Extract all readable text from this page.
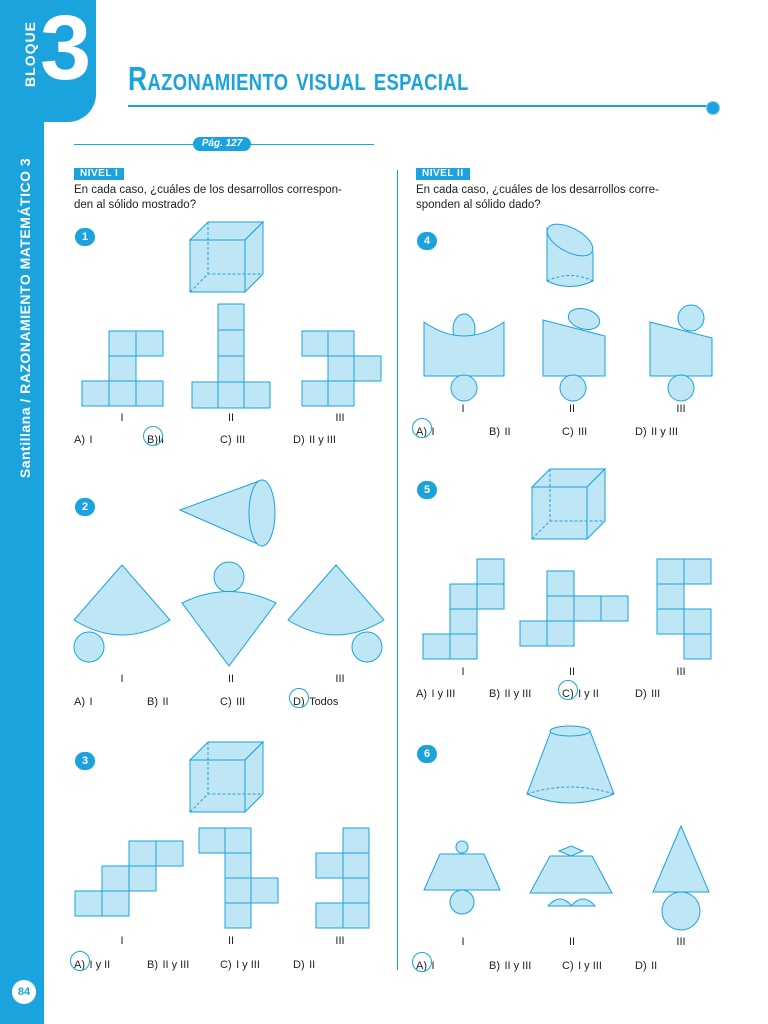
BLOQUE 3
Santillana / RAZONAMIENTO MATEMÁTICO 3
84
Razonamiento visual espacial
Pág. 127
NIVEL I
En cada caso, ¿cuáles de los desarrollos correspon-
den al sólido mostrado?
NIVEL II
En cada caso, ¿cuáles de los desarrollos corre-
sponden al sólido dado?
1
2
3
4
5
6
I	II	III
I	II	III
I	II	III
I	II	III
I	II	III
I	II	III
A) I	B)II	C) III	D) II y III
A) I	B) II	C) III	D) Todos
A) I y II	B) II y III	C) I y III	D) II
A) I	B) II	C) III	D) II y III
A) I y III	B) II y III	C) I y II	D) III
A) I	B) II y III	C) I y III	D) II
